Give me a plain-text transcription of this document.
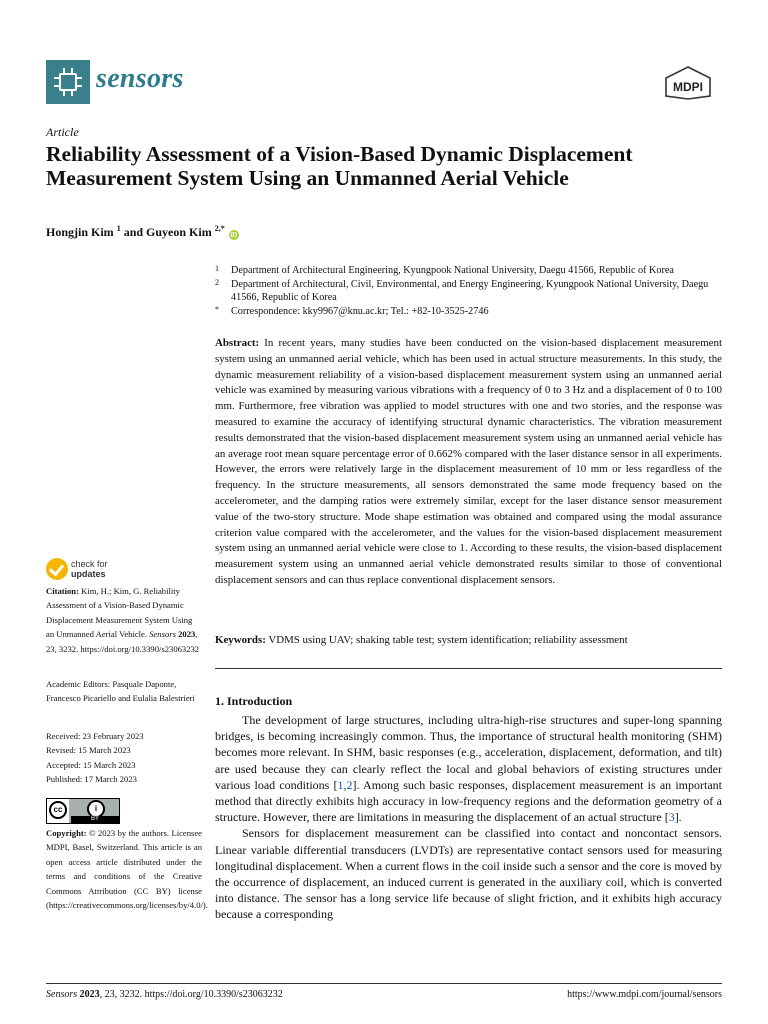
sensors	MDPI
Article
Reliability Assessment of a Vision-Based Dynamic Displacement Measurement System Using an Unmanned Aerial Vehicle
Hongjin Kim $^1$ and Guyeon Kim $^{2,*}$ iD
1 Department of Architectural Engineering, Kyungpook National University, Daegu 41566, Republic of Korea
2 Department of Architectural, Civil, Environmental, and Energy Engineering, Kyungpook National University, Daegu 41566, Republic of Korea
* Correspondence: kky9967@knu.ac.kr; Tel.: +82-10-3525-2746
Abstract: In recent years, many studies have been conducted on the vision-based displacement measurement system using an unmanned aerial vehicle, which has been used in actual structure measurements. In this study, the dynamic measurement reliability of a vision-based displacement measurement system using an unmanned aerial vehicle was examined by measuring various vibrations with a frequency of 0 to 3 Hz and a displacement of 0 to 100 mm. Furthermore, free vibration was applied to model structures with one and two stories, and the response was measured to examine the accuracy of identifying structural dynamic characteristics. The vibration measurement results demonstrated that the vision-based displacement measurement system using an unmanned aerial vehicle has an average root mean square percentage error of 0.662% compared with the laser distance sensor in all experiments. However, the errors were relatively large in the displacement measurement of 10 mm or less regardless of the frequency. In the structure measurements, all sensors demonstrated the same mode frequency based on the accelerometer, and the damping ratios were extremely similar, except for the laser distance sensor measurement value of the two-story structure. Mode shape estimation was obtained and compared using the modal assurance criterion value compared with the accelerometer, and the values for the vision-based displacement measurement system using an unmanned aerial vehicle were close to 1. According to these results, the vision-based displacement measurement system using an unmanned aerial vehicle demonstrated results similar to those of conventional displacement sensors and can thus replace conventional displacement sensors.
Keywords: VDMS using UAV; shaking table test; system identification; reliability assessment
check for
updates
Citation: Kim, H.; Kim, G. Reliability Assessment of a Vision-Based Dynamic Displacement Measurement System Using an Unmanned Aerial Vehicle. Sensors 2023, 23, 3232. https://doi.org/10.3390/s23063232
Academic Editors: Pasquale Daponte, Francesco Picariello and Eulalia Balestrieri
Received: 23 February 2023
Revised: 15 March 2023
Accepted: 15 March 2023
Published: 17 March 2023
cc	i
BY
Copyright: © 2023 by the authors. Licensee MDPI, Basel, Switzerland. This article is an open access article distributed under the terms and conditions of the Creative Commons Attribution (CC BY) license (https://creativecommons.org/licenses/by/4.0/).
1. Introduction

The development of large structures, including ultra-high-rise structures and super-long spanning bridges, is becoming increasingly common. Thus, the importance of structural health monitoring (SHM) becomes more relevant. In SHM, basic responses (e.g., acceleration, displacement, deformation, and tilt) are used because they can clearly reflect the local and global behaviors of existing structures under various load conditions [1,2]. Among such basic responses, displacement measurement is an important method that directly exhibits high accuracy in low-frequency regions and the deformation geometry of a structure. However, there are limitations in measuring the displacement of an actual structure [3].

Sensors for displacement measurement can be classified into contact and noncontact sensors. Linear variable differential transducers (LVDTs) are representative contact sensors used for measuring longitudinal displacement. When a current flows in the coil inside such a sensor and the core is moved by the occurrence of displacement, an induced current is generated in the auxiliary coil, which is converted into distance. The sensor has a long service life because of slight friction, and it exhibits high accuracy because a corresponding

Sensors 2023, 23, 3232. https://doi.org/10.3390/s23063232	https://www.mdpi.com/journal/sensors
